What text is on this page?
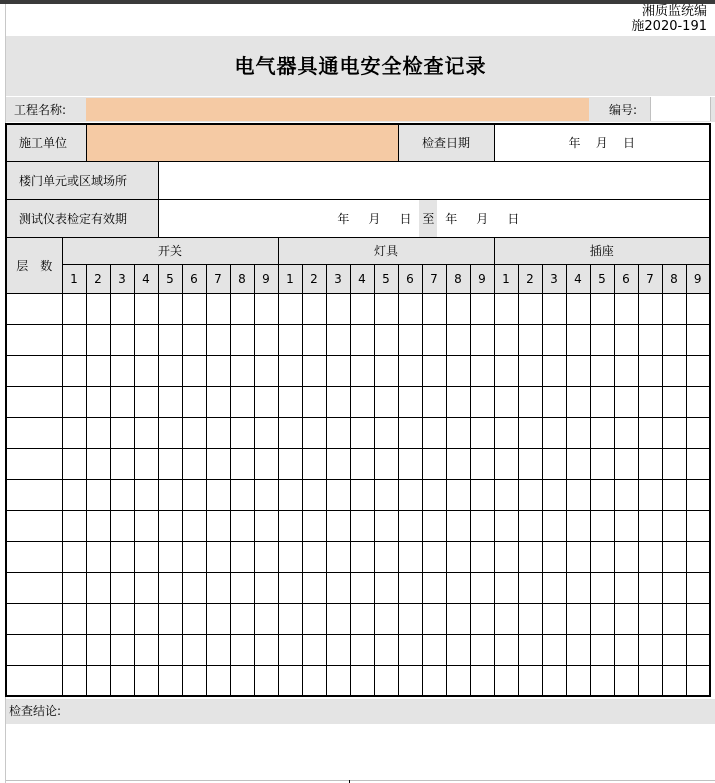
湘质监统编
施2020-191
电气器具通电安全检查记录
工程名称:	编号:
施工单位															检查日期				年 月 日								
楼门单元或区域场所																											
测试仪表检定有效期					年 月 日 至 年 月 日																						
层　数	开关									灯具									插座								
	1	2	3	4	5	6	7	8	9	1	2	3	4	5	6	7	8	9	1	2	3	4	5	6	7	8	9

检查结论:
